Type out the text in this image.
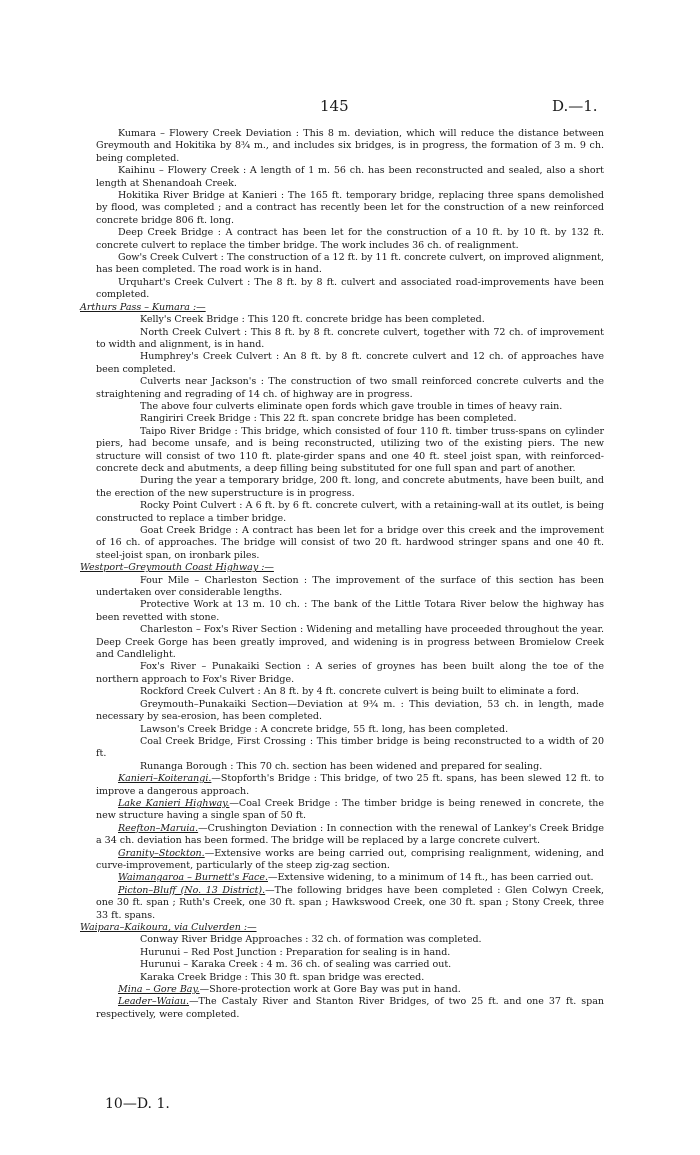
145	D.—1.

Kumara – Flowery Creek Deviation : This 8 m. deviation, which will reduce the distance between Greymouth and Hokitika by 8¾ m., and includes six bridges, is in progress, the formation of 3 m. 9 ch. being completed.

Kaihinu – Flowery Creek : A length of 1 m. 56 ch. has been reconstructed and sealed, also a short length at Shenandoah Creek.

Hokitika River Bridge at Kanieri : The 165 ft. temporary bridge, replacing three spans demolished by flood, was completed ; and a contract has recently been let for the construction of a new reinforced concrete bridge 806 ft. long.

Deep Creek Bridge : A contract has been let for the construction of a 10 ft. by 10 ft. by 132 ft. concrete culvert to replace the timber bridge. The work includes 36 ch. of realignment.

Gow's Creek Culvert : The construction of a 12 ft. by 11 ft. concrete culvert, on improved alignment, has been completed. The road work is in hand.

Urquhart's Creek Culvert : The 8 ft. by 8 ft. culvert and associated road-improvements have been completed.

Arthurs Pass – Kumara :—

Kelly's Creek Bridge : This 120 ft. concrete bridge has been completed.

North Creek Culvert : This 8 ft. by 8 ft. concrete culvert, together with 72 ch. of improvement to width and alignment, is in hand.

Humphrey's Creek Culvert : An 8 ft. by 8 ft. concrete culvert and 12 ch. of approaches have been completed.

Culverts near Jackson's : The construction of two small reinforced concrete culverts and the straightening and regrading of 14 ch. of highway are in progress.

The above four culverts eliminate open fords which gave trouble in times of heavy rain.

Rangiriri Creek Bridge : This 22 ft. span concrete bridge has been completed.

Taipo River Bridge : This bridge, which consisted of four 110 ft. timber truss-spans on cylinder piers, had become unsafe, and is being reconstructed, utilizing two of the existing piers. The new structure will consist of two 110 ft. plate-girder spans and one 40 ft. steel joist span, with reinforced-concrete deck and abutments, a deep filling being substituted for one full span and part of another.

During the year a temporary bridge, 200 ft. long, and concrete abutments, have been built, and the erection of the new superstructure is in progress.

Rocky Point Culvert : A 6 ft. by 6 ft. concrete culvert, with a retaining-wall at its outlet, is being constructed to replace a timber bridge.

Goat Creek Bridge : A contract has been let for a bridge over this creek and the improvement of 16 ch. of approaches. The bridge will consist of two 20 ft. hardwood stringer spans and one 40 ft. steel-joist span, on ironbark piles.

Westport–Greymouth Coast Highway :—

Four Mile – Charleston Section : The improvement of the surface of this section has been undertaken over considerable lengths.

Protective Work at 13 m. 10 ch. : The bank of the Little Totara River below the highway has been revetted with stone.

Charleston – Fox's River Section : Widening and metalling have proceeded throughout the year. Deep Creek Gorge has been greatly improved, and widening is in progress between Bromielow Creek and Candlelight.

Fox's River – Punakaiki Section : A series of groynes has been built along the toe of the northern approach to Fox's River Bridge.

Rockford Creek Culvert : An 8 ft. by 4 ft. concrete culvert is being built to eliminate a ford.

Greymouth–Punakaiki Section—Deviation at 9¾ m. : This deviation, 53 ch. in length, made necessary by sea-erosion, has been completed.

Lawson's Creek Bridge : A concrete bridge, 55 ft. long, has been completed.

Coal Creek Bridge, First Crossing : This timber bridge is being reconstructed to a width of 20 ft.

Runanga Borough : This 70 ch. section has been widened and prepared for sealing.

Kanieri–Koiterangi.—Stopforth's Bridge : This bridge, of two 25 ft. spans, has been slewed 12 ft. to improve a dangerous approach.

Lake Kanieri Highway.—Coal Creek Bridge : The timber bridge is being renewed in concrete, the new structure having a single span of 50 ft.

Reefton–Maruia.—Crushington Deviation : In connection with the renewal of Lankey's Creek Bridge a 34 ch. deviation has been formed. The bridge will be replaced by a large concrete culvert.

Granity–Stockton.—Extensive works are being carried out, comprising realignment, widening, and curve-improvement, particularly of the steep zig-zag section.

Waimangaroa – Burnett's Face.—Extensive widening, to a minimum of 14 ft., has been carried out.

Picton–Bluff (No. 13 District).—The following bridges have been completed : Glen Colwyn Creek, one 30 ft. span ; Ruth's Creek, one 30 ft. span ; Hawkswood Creek, one 30 ft. span ; Stony Creek, three 33 ft. spans.

Waipara–Kaikoura, via Culverden :—

Conway River Bridge Approaches : 32 ch. of formation was completed.

Hurunui – Red Post Junction : Preparation for sealing is in hand.

Hurunui – Karaka Creek : 4 m. 36 ch. of sealing was carried out.

Karaka Creek Bridge : This 30 ft. span bridge was erected.

Mina – Gore Bay.—Shore-protection work at Gore Bay was put in hand.

Leader–Waiau.—The Castaly River and Stanton River Bridges, of two 25 ft. and one 37 ft. span respectively, were completed.

10—D. 1.
